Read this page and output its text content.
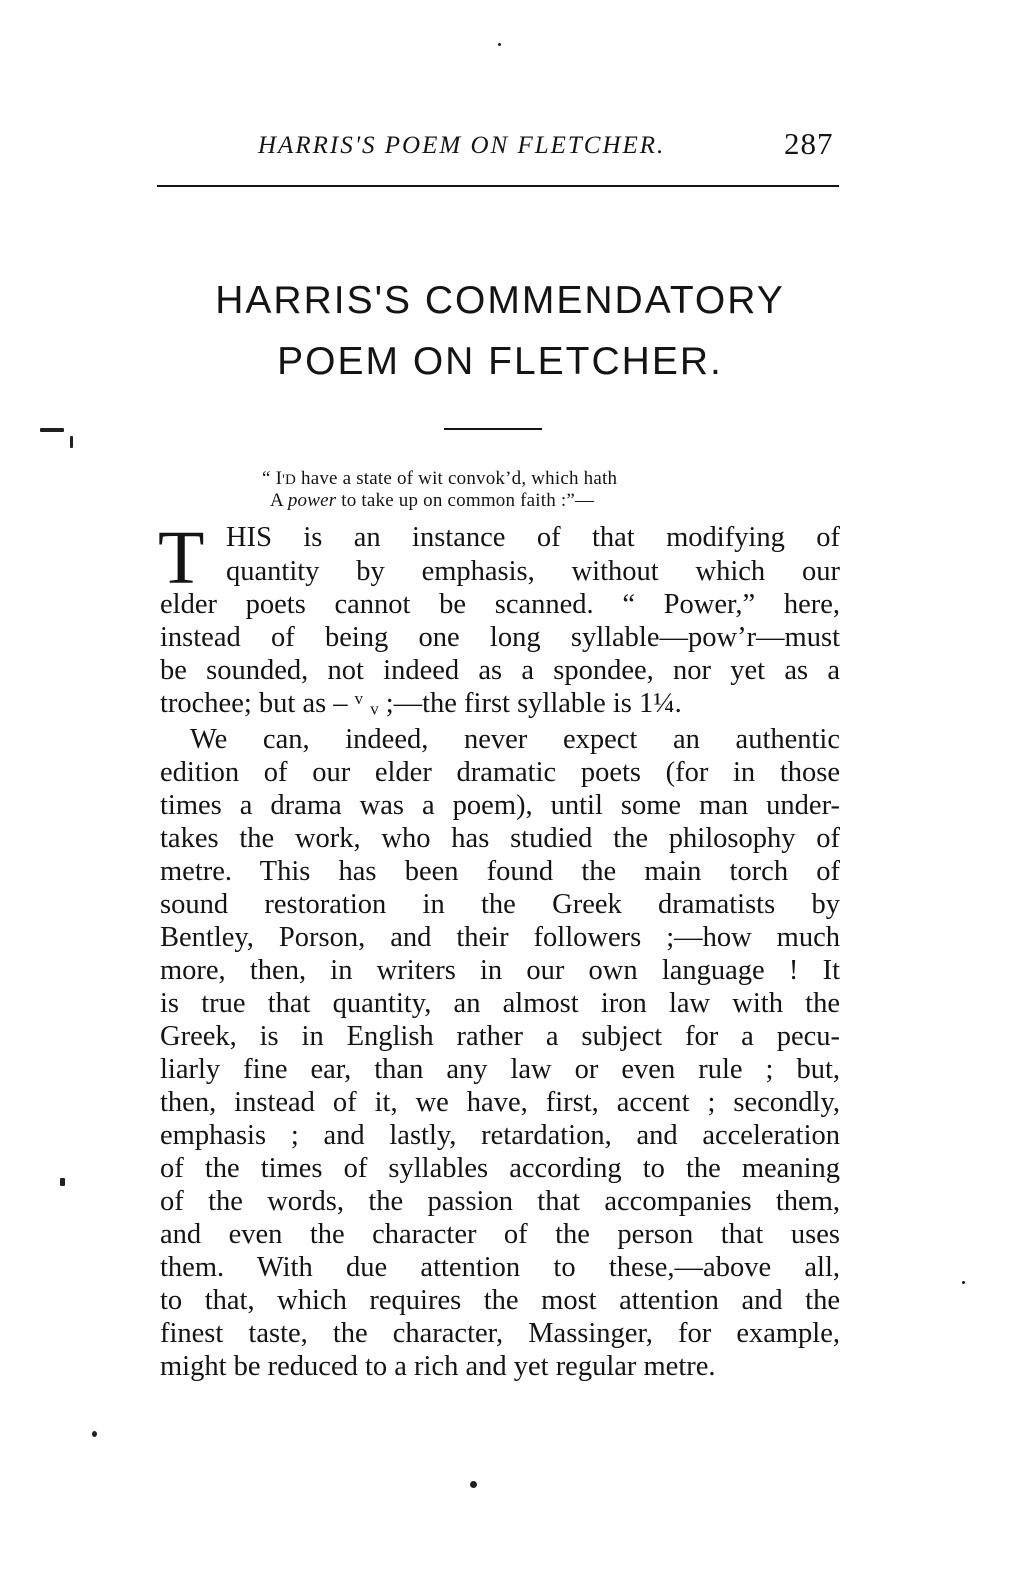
HARRIS'S POEM ON FLETCHER.	287
HARRIS'S COMMENDATORY
POEM ON FLETCHER.
“ I'D have a state of wit convok’d, which hath
A power to take up on common faith :”—
T HIS is an instance of that modifying of
quantity by emphasis, without which our
elder poets cannot be scanned. “ Power,” here,
instead of being one long syllable—pow’r—must
be sounded, not indeed as a spondee, nor yet as a
trochee; but as – ᵛ ᵥ ;—the first syllable is 1¼.
We can, indeed, never expect an authentic
edition of our elder dramatic poets (for in those
times a drama was a poem), until some man under-
takes the work, who has studied the philosophy of
metre. This has been found the main torch of
sound restoration in the Greek dramatists by
Bentley, Porson, and their followers ;—how much
more, then, in writers in our own language ! It
is true that quantity, an almost iron law with the
Greek, is in English rather a subject for a pecu-
liarly fine ear, than any law or even rule ; but,
then, instead of it, we have, first, accent ; secondly,
emphasis ; and lastly, retardation, and acceleration
of the times of syllables according to the meaning
of the words, the passion that accompanies them,
and even the character of the person that uses
them. With due attention to these,—above all,
to that, which requires the most attention and the
finest taste, the character, Massinger, for example,
might be reduced to a rich and yet regular metre.
